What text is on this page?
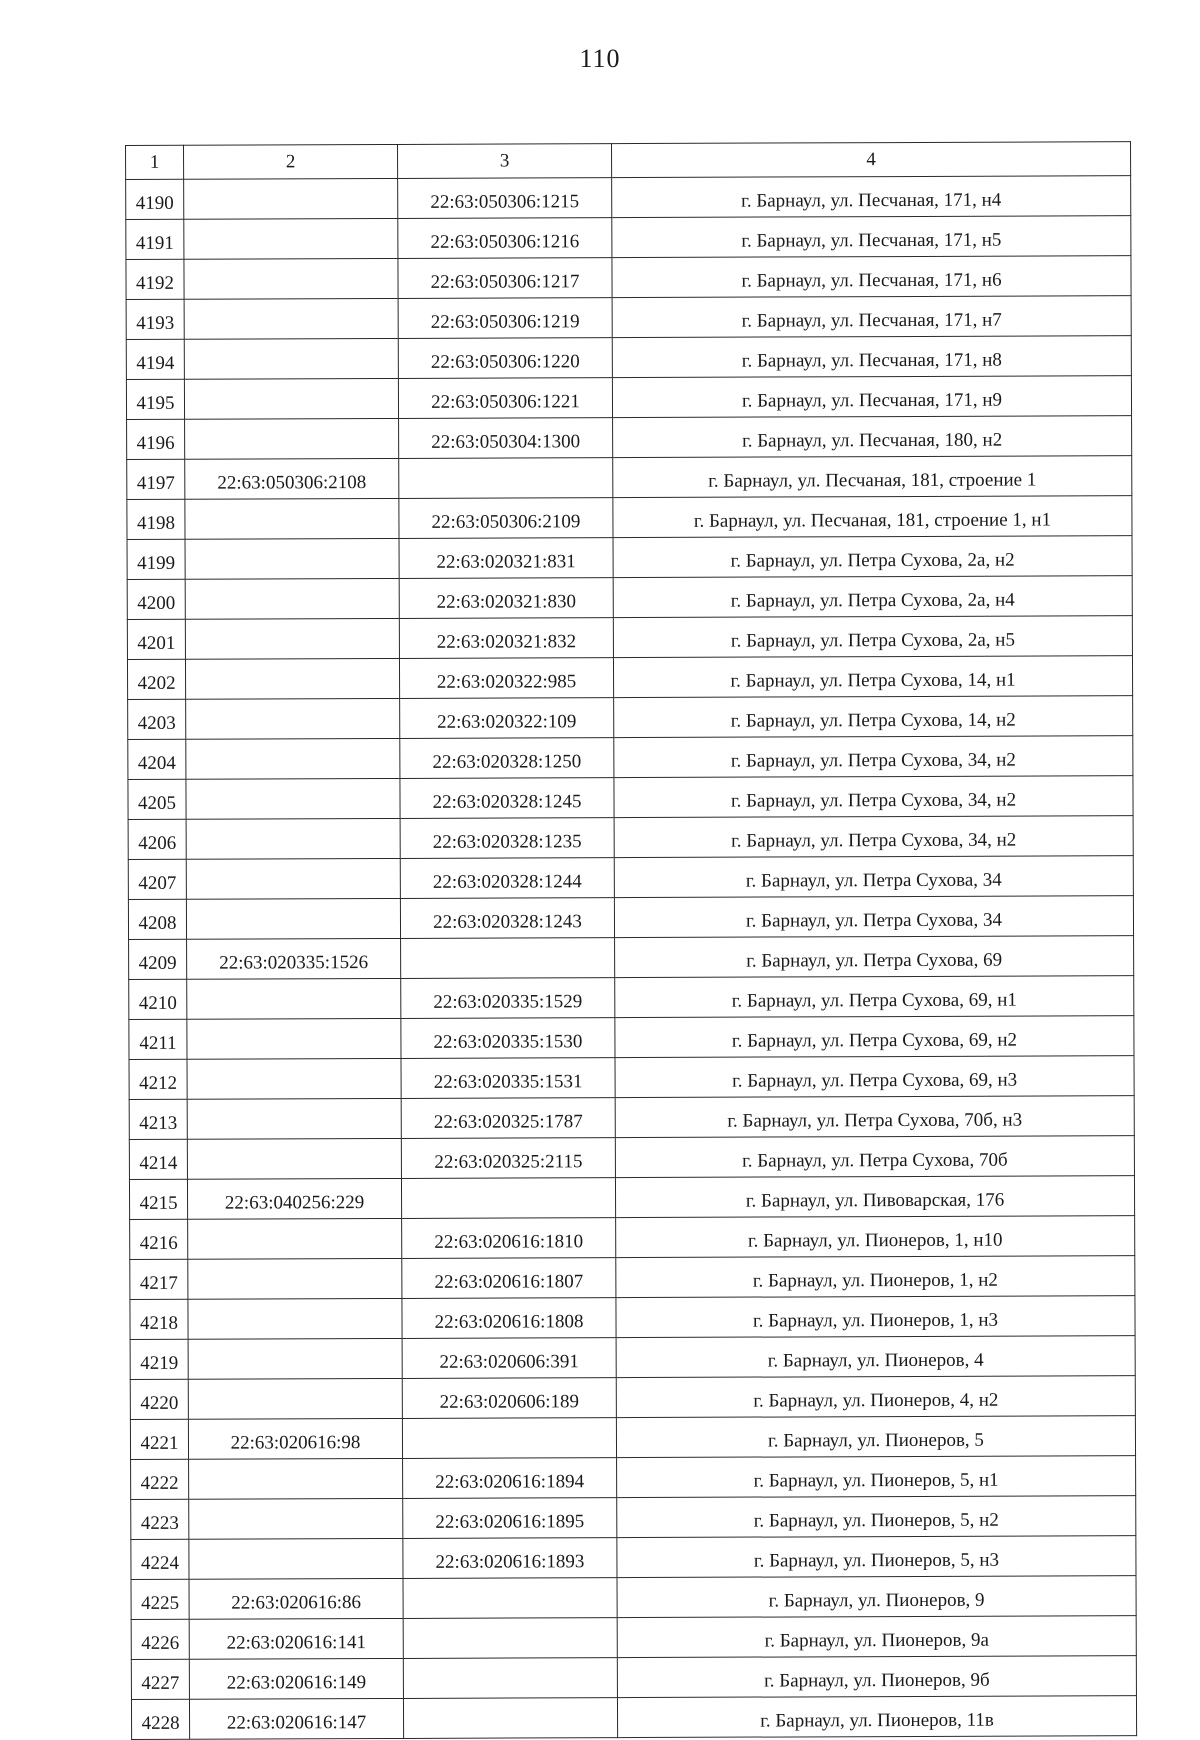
110
1	2	3	4
4190		22:63:050306:1215	г. Барнаул, ул. Песчаная, 171, н4
4191		22:63:050306:1216	г. Барнаул, ул. Песчаная, 171, н5
4192		22:63:050306:1217	г. Барнаул, ул. Песчаная, 171, н6
4193		22:63:050306:1219	г. Барнаул, ул. Песчаная, 171, н7
4194		22:63:050306:1220	г. Барнаул, ул. Песчаная, 171, н8
4195		22:63:050306:1221	г. Барнаул, ул. Песчаная, 171, н9
4196		22:63:050304:1300	г. Барнаул, ул. Песчаная, 180, н2
4197	22:63:050306:2108		г. Барнаул, ул. Песчаная, 181, строение 1
4198		22:63:050306:2109	г. Барнаул, ул. Песчаная, 181, строение 1, н1
4199		22:63:020321:831	г. Барнаул, ул. Петра Сухова, 2а, н2
4200		22:63:020321:830	г. Барнаул, ул. Петра Сухова, 2а, н4
4201		22:63:020321:832	г. Барнаул, ул. Петра Сухова, 2а, н5
4202		22:63:020322:985	г. Барнаул, ул. Петра Сухова, 14, н1
4203		22:63:020322:109	г. Барнаул, ул. Петра Сухова, 14, н2
4204		22:63:020328:1250	г. Барнаул, ул. Петра Сухова, 34, н2
4205		22:63:020328:1245	г. Барнаул, ул. Петра Сухова, 34, н2
4206		22:63:020328:1235	г. Барнаул, ул. Петра Сухова, 34, н2
4207		22:63:020328:1244	г. Барнаул, ул. Петра Сухова, 34
4208		22:63:020328:1243	г. Барнаул, ул. Петра Сухова, 34
4209	22:63:020335:1526		г. Барнаул, ул. Петра Сухова, 69
4210		22:63:020335:1529	г. Барнаул, ул. Петра Сухова, 69, н1
4211		22:63:020335:1530	г. Барнаул, ул. Петра Сухова, 69, н2
4212		22:63:020335:1531	г. Барнаул, ул. Петра Сухова, 69, н3
4213		22:63:020325:1787	г. Барнаул, ул. Петра Сухова, 70б, н3
4214		22:63:020325:2115	г. Барнаул, ул. Петра Сухова, 70б
4215	22:63:040256:229		г. Барнаул, ул. Пивоварская, 176
4216		22:63:020616:1810	г. Барнаул, ул. Пионеров, 1, н10
4217		22:63:020616:1807	г. Барнаул, ул. Пионеров, 1, н2
4218		22:63:020616:1808	г. Барнаул, ул. Пионеров, 1, н3
4219		22:63:020606:391	г. Барнаул, ул. Пионеров, 4
4220		22:63:020606:189	г. Барнаул, ул. Пионеров, 4, н2
4221	22:63:020616:98		г. Барнаул, ул. Пионеров, 5
4222		22:63:020616:1894	г. Барнаул, ул. Пионеров, 5, н1
4223		22:63:020616:1895	г. Барнаул, ул. Пионеров, 5, н2
4224		22:63:020616:1893	г. Барнаул, ул. Пионеров, 5, н3
4225	22:63:020616:86		г. Барнаул, ул. Пионеров, 9
4226	22:63:020616:141		г. Барнаул, ул. Пионеров, 9а
4227	22:63:020616:149		г. Барнаул, ул. Пионеров, 9б
4228	22:63:020616:147		г. Барнаул, ул. Пионеров, 11в
